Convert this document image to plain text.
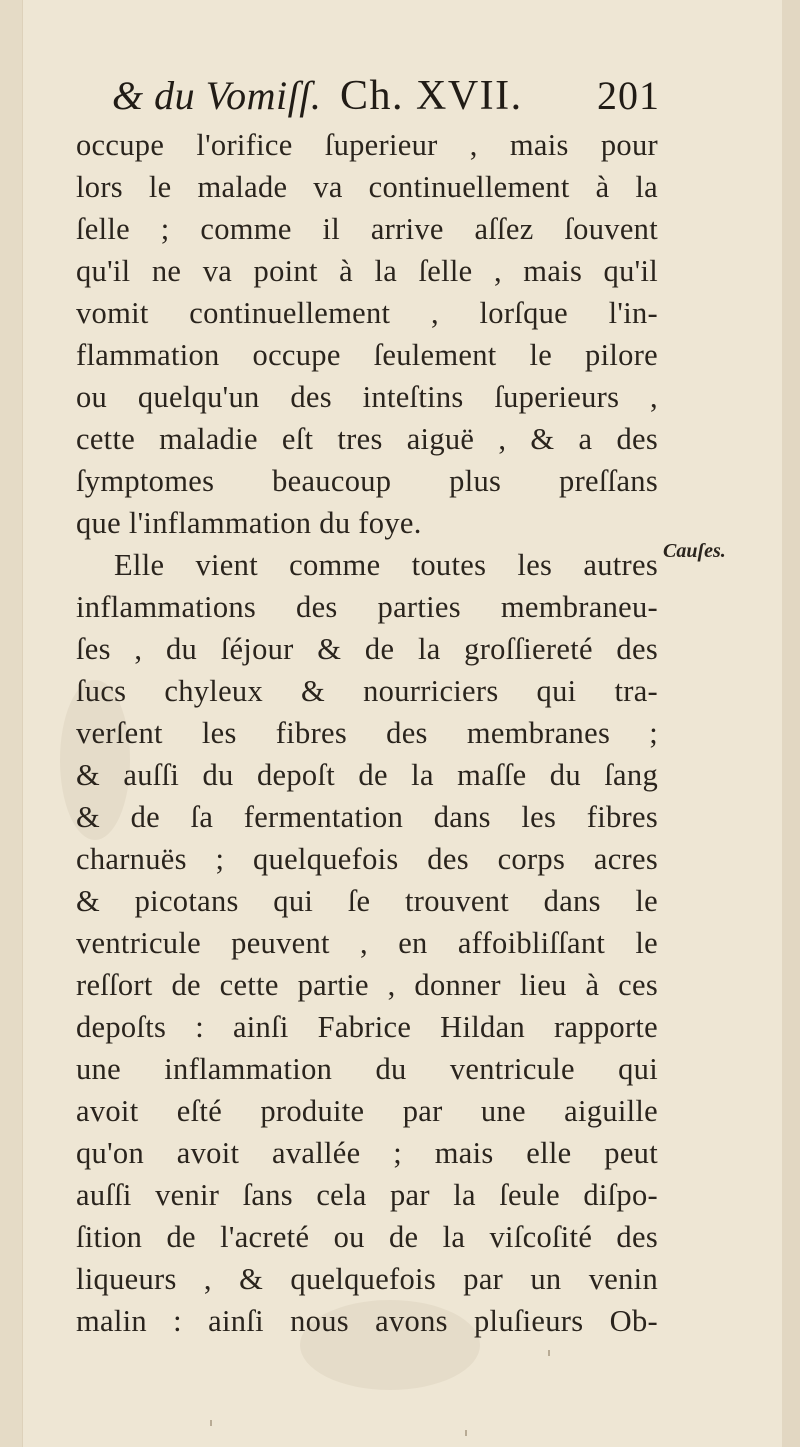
& du Vomiſſ. Ch. XVII. 201
occupe l'orifice ſuperieur , mais pour
lors le malade va continuellement à la
ſelle ; comme il arrive aſſez ſouvent
qu'il ne va point à la ſelle , mais qu'il
vomit continuellement , lorſque l'in-
flammation occupe ſeulement le pilore
ou quelqu'un des inteſtins ſuperieurs ,
cette maladie eſt tres aiguë , & a des
ſymptomes beaucoup plus preſſans
que l'inflammation du foye.
Elle vient comme toutes les autres
inflammations des parties membraneu-
ſes , du ſéjour & de la groſſiereté des
ſucs chyleux & nourriciers qui tra-
verſent les fibres des membranes ;
& auſſi du depoſt de la maſſe du ſang
& de ſa fermentation dans les fibres
charnuës ; quelquefois des corps acres
& picotans qui ſe trouvent dans le
ventricule peuvent , en affoibliſſant le
reſſort de cette partie , donner lieu à ces
depoſts : ainſi Fabrice Hildan rapporte
une inflammation du ventricule qui
avoit eſté produite par une aiguille
qu'on avoit avallée ; mais elle peut
auſſi venir ſans cela par la ſeule diſpo-
ſition de l'acreté ou de la viſcoſité des
liqueurs , & quelquefois par un venin
malin : ainſi nous avons pluſieurs Ob-
Cauſes.
